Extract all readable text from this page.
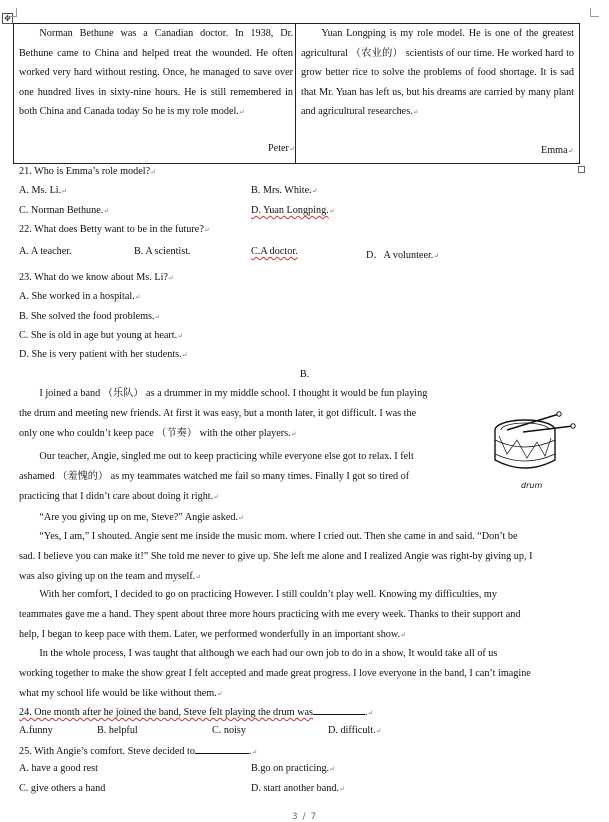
✥
Norman Bethune was a Canadian doctor. In 1938, Dr. Bethune came to China and helped treat the wounded. He often worked very hard without resting. Once, he managed to save over one hundred lives in sixty-nine hours. He is still remembered in both China and Canada today So he is my role model.↵
Peter↵
Yuan Longping is my role model. He is one of the greatest agricultural （农业的） scientists of our time. He worked hard to grow better rice to solve the problems of food shortage. It is sad that Mr. Yuan has left us, but his dreams are carried by many plant and agricultural researches.↵
Emma↵
21. Who is Emma’s role model?↵
A. Ms. Li.↵	B. Mrs. White.↵
C. Norman Bethune.↵	D. Yuan Longping.↵
22. What does Betty want to be in the future?↵
A. A teacher.	B. A scientist.	C.A doctor.	D．A volunteer.↵
23. What do we know about Ms. Li?↵
A. She worked in a hospital.↵
B. She solved the food problems.↵
C. She is old in age but young at heart.↵
D. She is very patient with her students.↵
B.
I joined a band （乐队） as a drummer in my middle school. I thought it would be fun playing
the drum and meeting new friends. At first it was easy, but a month later, it got difficult. I was the
only one who couldn’t keep pace （节奏） with the other players.↵
drum
Our teacher, Angie, singled me out to keep practicing while everyone else got to relax. I felt
ashamed （羞愧的） as my teammates watched me fail so many times. Finally I got so tired of
practicing that I didn’t care about doing it right.↵
“Are you giving up on me, Steve?” Angie asked.↵
“Yes, I am,” I shouted. Angie sent me inside the music mom. where I cried out. Then she came in and said. “Don’t be
sad. I believe you can make it!” She told me never to give up. She left me alone and I realized Angie was right-by giving up, I
was also giving up on the team and myself.↵
With her comfort, I decided to go on practicing However. I still couldn’t play well. Knowing my difficulties, my
teammates gave me a hand. They spent about three more hours practicing with me every week. Thanks to their support and
help, I began to keep pace with them. Later, we performed wonderfully in an important show.↵
In the whole process, I was taught that although we each had our own job to do in a show, It would take all of us
working together to make the show great I felt accepted and made great progress. I love everyone in the band, I can’t imagine
what my school life would be like without them.↵
24. One month after he joined the band, Steve felt playing the drum was	.↵
A.funny	B. helpful	C. noisy	D. difficult.↵
25. With Angie’s comfort. Steve decided to	.↵
A. have a good rest	B.go on practicing.↵
C. give others a hand	D. start another band.↵
3 / 7
